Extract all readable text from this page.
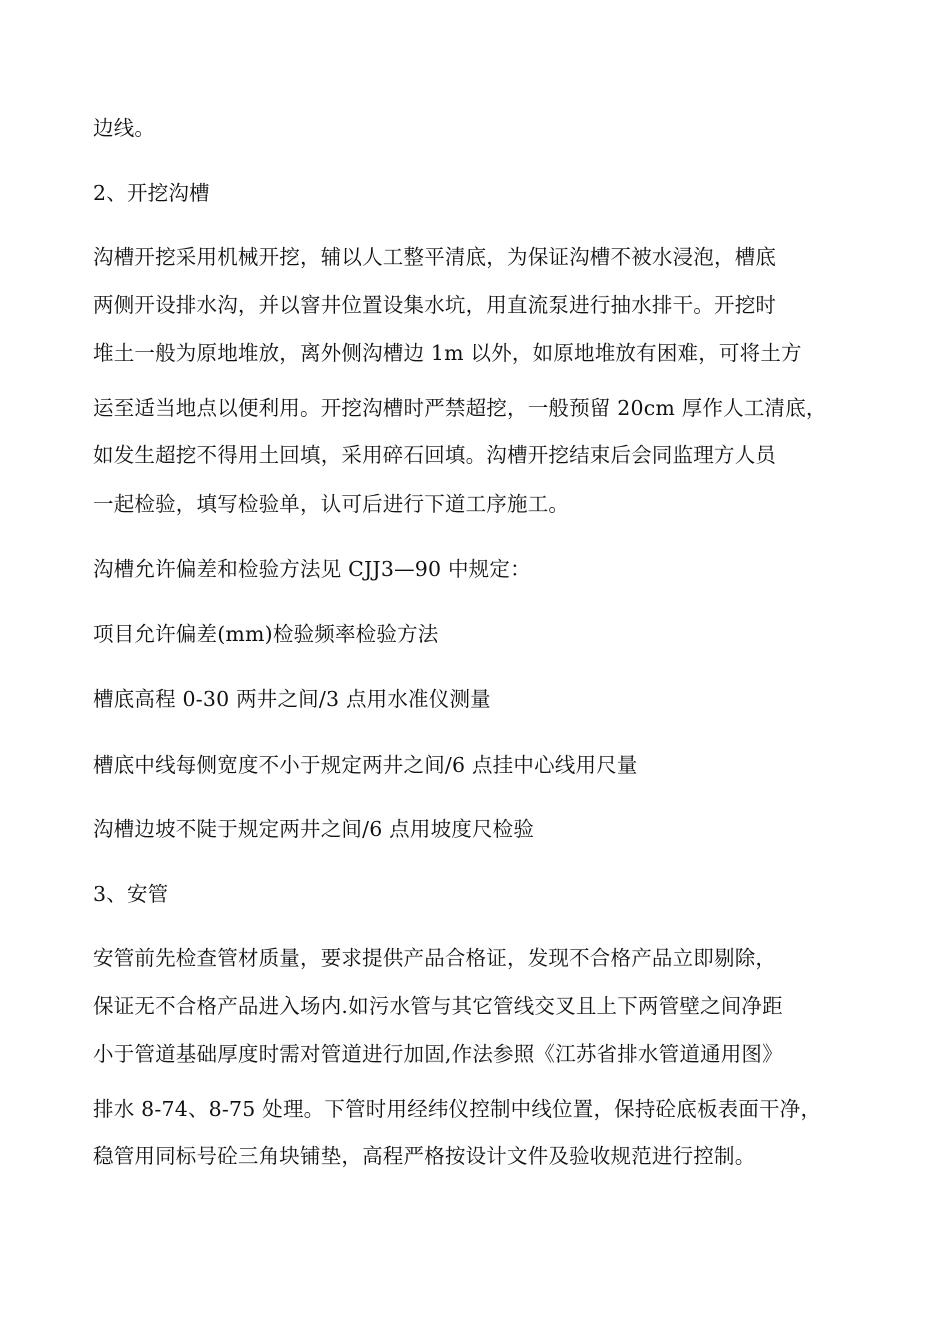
边线。
2、开挖沟槽
沟槽开挖采用机械开挖，辅以人工整平清底，为保证沟槽不被水浸泡，槽底
两侧开设排水沟，并以窨井位置设集水坑，用直流泵进行抽水排干。开挖时
堆土一般为原地堆放，离外侧沟槽边 1m 以外，如原地堆放有困难，可将土方
运至适当地点以便利用。开挖沟槽时严禁超挖，一般预留 20cm 厚作人工清底，
如发生超挖不得用土回填，采用碎石回填。沟槽开挖结束后会同监理方人员
一起检验，填写检验单，认可后进行下道工序施工。
沟槽允许偏差和检验方法见 CJJ3—90 中规定：
项目允许偏差(mm)检验频率检验方法
槽底高程 0-30 两井之间/3 点用水准仪测量
槽底中线每侧宽度不小于规定两井之间/6 点挂中心线用尺量
沟槽边坡不陡于规定两井之间/6 点用坡度尺检验
3、安管
安管前先检查管材质量，要求提供产品合格证，发现不合格产品立即剔除，
保证无不合格产品进入场内.如污水管与其它管线交叉且上下两管壁之间净距
小于管道基础厚度时需对管道进行加固,作法参照《江苏省排水管道通用图》
排水 8-74、8-75 处理。下管时用经纬仪控制中线位置，保持砼底板表面干净，
稳管用同标号砼三角块铺垫，高程严格按设计文件及验收规范进行控制。
